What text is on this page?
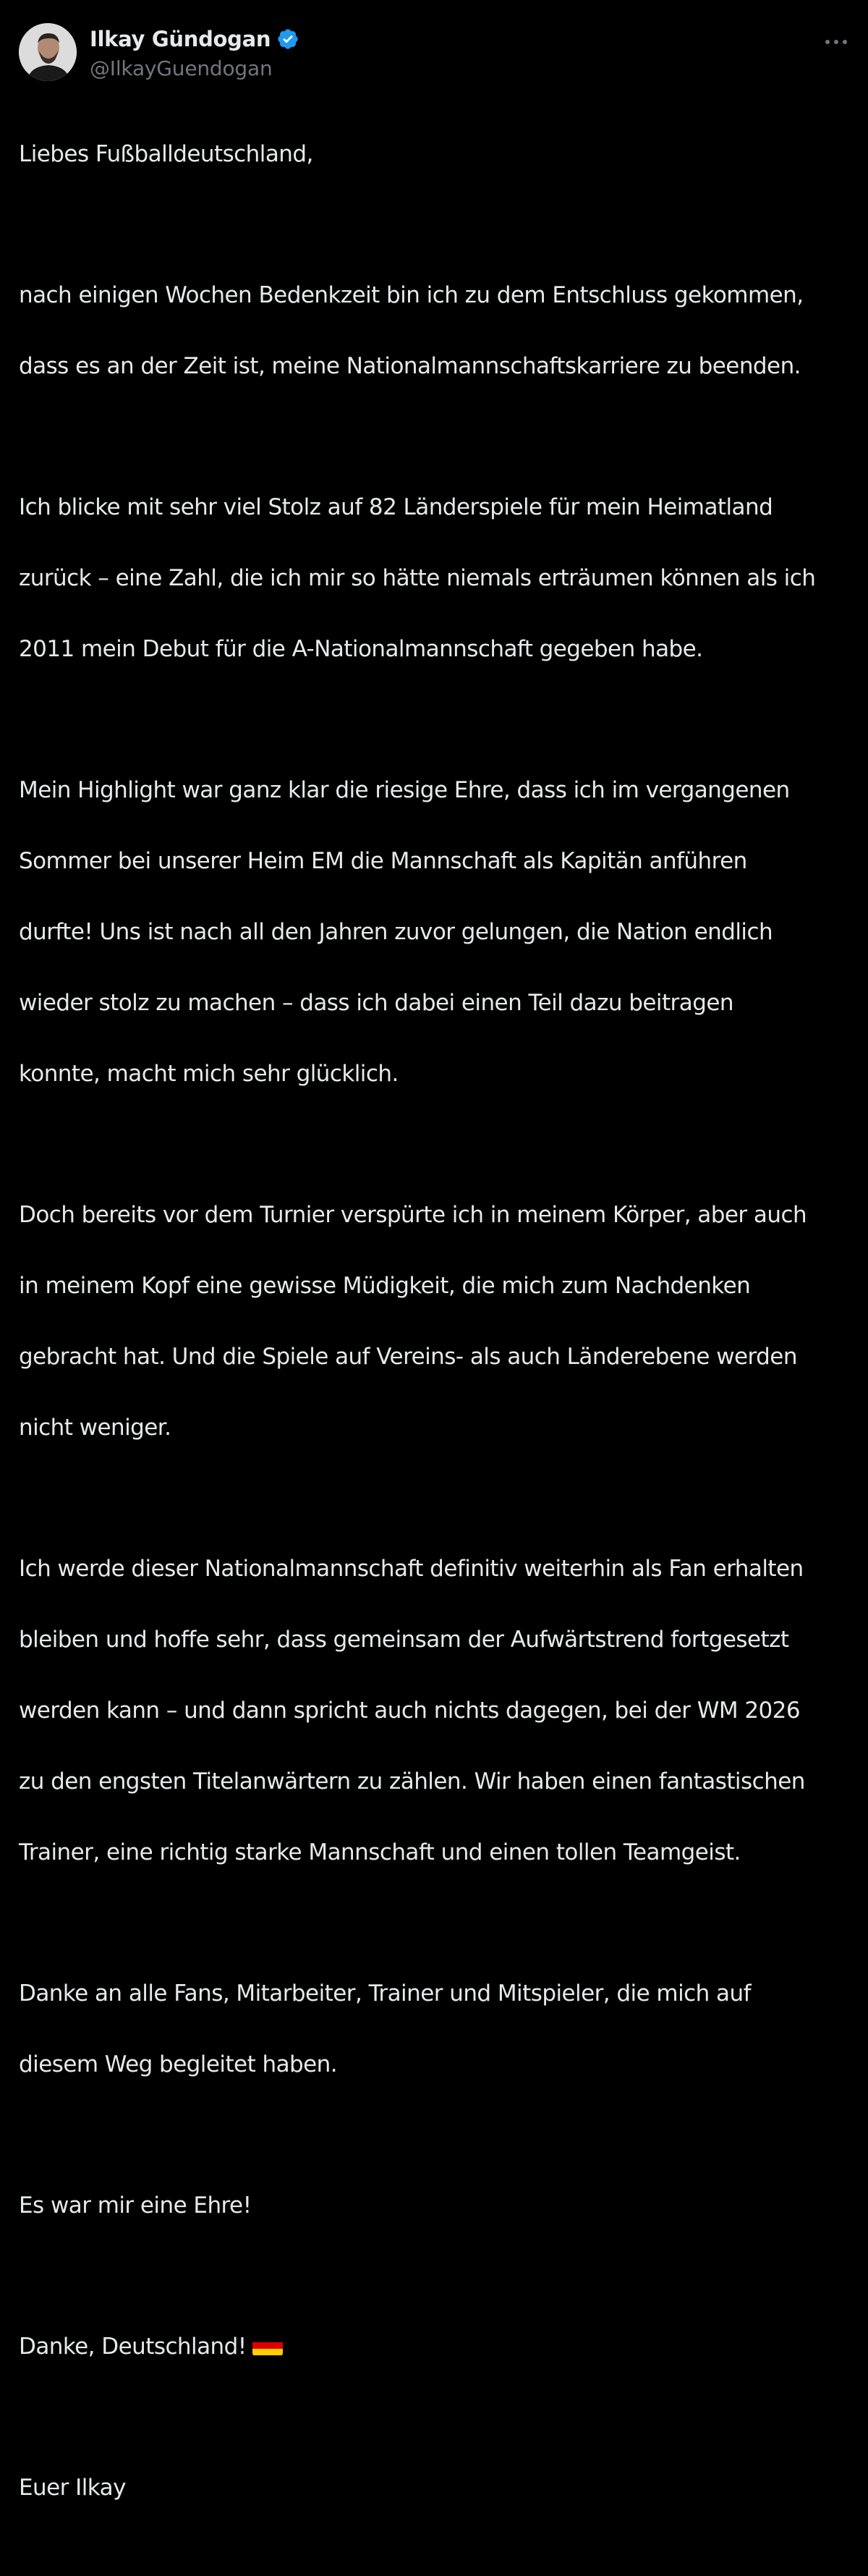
Ilkay Gündogan
@IlkayGuendogan

Liebes Fußballdeutschland,

nach einigen Wochen Bedenkzeit bin ich zu dem Entschluss gekommen,

dass es an der Zeit ist, meine Nationalmannschaftskarriere zu beenden.

Ich blicke mit sehr viel Stolz auf 82 Länderspiele für mein Heimatland

zurück – eine Zahl, die ich mir so hätte niemals erträumen können als ich

2011 mein Debut für die A-Nationalmannschaft gegeben habe.

Mein Highlight war ganz klar die riesige Ehre, dass ich im vergangenen

Sommer bei unserer Heim EM die Mannschaft als Kapitän anführen

durfte! Uns ist nach all den Jahren zuvor gelungen, die Nation endlich

wieder stolz zu machen – dass ich dabei einen Teil dazu beitragen

konnte, macht mich sehr glücklich.

Doch bereits vor dem Turnier verspürte ich in meinem Körper, aber auch

in meinem Kopf eine gewisse Müdigkeit, die mich zum Nachdenken

gebracht hat. Und die Spiele auf Vereins- als auch Länderebene werden

nicht weniger.

Ich werde dieser Nationalmannschaft definitiv weiterhin als Fan erhalten

bleiben und hoffe sehr, dass gemeinsam der Aufwärtstrend fortgesetzt

werden kann – und dann spricht auch nichts dagegen, bei der WM 2026

zu den engsten Titelanwärtern zu zählen. Wir haben einen fantastischen

Trainer, eine richtig starke Mannschaft und einen tollen Teamgeist.

Danke an alle Fans, Mitarbeiter, Trainer und Mitspieler, die mich auf

diesem Weg begleitet haben.

Es war mir eine Ehre!

Danke, Deutschland!

Euer Ilkay
